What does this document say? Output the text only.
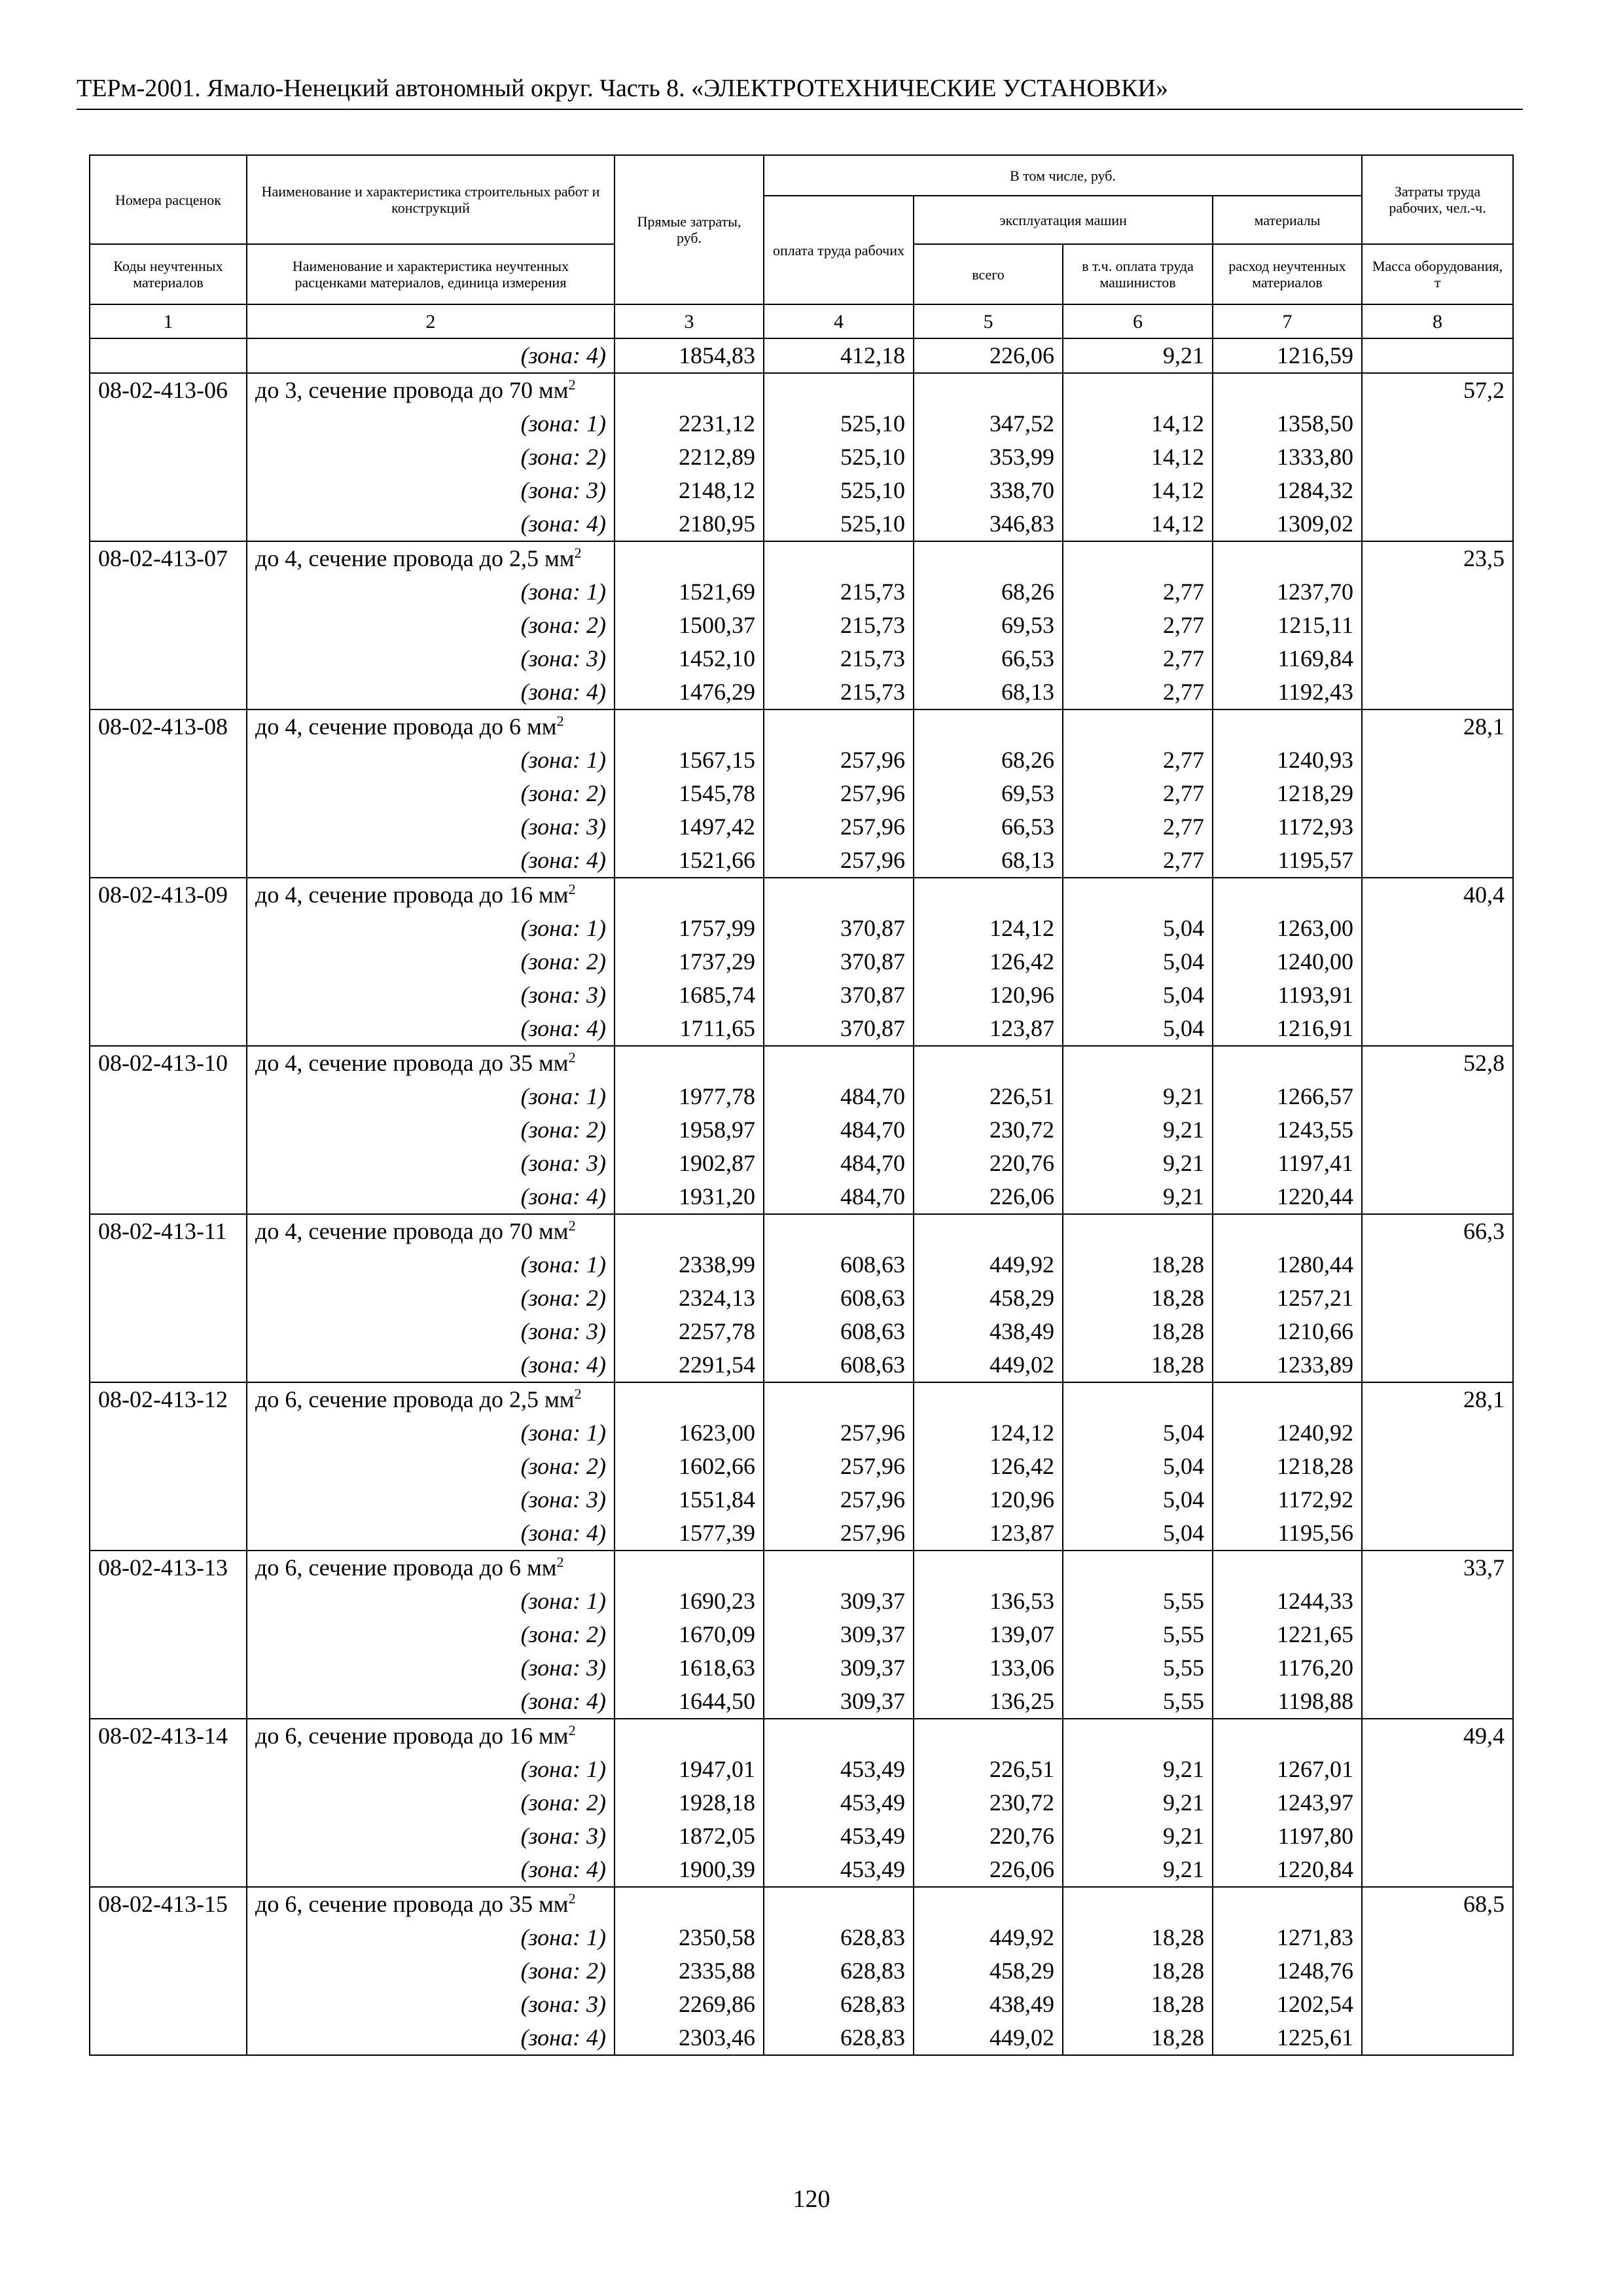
ТЕРм-2001. Ямало-Ненецкий автономный округ. Часть 8. «ЭЛЕКТРОТЕХНИЧЕСКИЕ УСТАНОВКИ»
Номера расценок	Наименование и характеристика строительных работ и конструкций	Прямые затраты, руб.	В том числе, руб.				Затраты труда рабочих, чел.-ч.
			оплата труда рабочих	эксплуатация машин		материалы	
Коды неучтенных материалов	Наименование и характеристика неучтенных расценками материалов, единица измерения			всего	в т.ч. оплата труда машинистов	расход неучтенных материалов	Масса оборудования, т
1	2	3	4	5	6	7	8
	(зона: 4)	1854,83	412,18	226,06	9,21	1216,59	
08-02-413-06	до 3, сечение провода до 70 $мм^2$						57,2
	(зона: 1)	2231,12	525,10	347,52	14,12	1358,50	
	(зона: 2)	2212,89	525,10	353,99	14,12	1333,80	
	(зона: 3)	2148,12	525,10	338,70	14,12	1284,32	
	(зона: 4)	2180,95	525,10	346,83	14,12	1309,02	
08-02-413-07	до 4, сечение провода до 2,5 $мм^2$						23,5
	(зона: 1)	1521,69	215,73	68,26	2,77	1237,70	
	(зона: 2)	1500,37	215,73	69,53	2,77	1215,11	
	(зона: 3)	1452,10	215,73	66,53	2,77	1169,84	
	(зона: 4)	1476,29	215,73	68,13	2,77	1192,43	
08-02-413-08	до 4, сечение провода до 6 $мм^2$						28,1
	(зона: 1)	1567,15	257,96	68,26	2,77	1240,93	
	(зона: 2)	1545,78	257,96	69,53	2,77	1218,29	
	(зона: 3)	1497,42	257,96	66,53	2,77	1172,93	
	(зона: 4)	1521,66	257,96	68,13	2,77	1195,57	
08-02-413-09	до 4, сечение провода до 16 $мм^2$						40,4
	(зона: 1)	1757,99	370,87	124,12	5,04	1263,00	
	(зона: 2)	1737,29	370,87	126,42	5,04	1240,00	
	(зона: 3)	1685,74	370,87	120,96	5,04	1193,91	
	(зона: 4)	1711,65	370,87	123,87	5,04	1216,91	
08-02-413-10	до 4, сечение провода до 35 $мм^2$						52,8
	(зона: 1)	1977,78	484,70	226,51	9,21	1266,57	
	(зона: 2)	1958,97	484,70	230,72	9,21	1243,55	
	(зона: 3)	1902,87	484,70	220,76	9,21	1197,41	
	(зона: 4)	1931,20	484,70	226,06	9,21	1220,44	
08-02-413-11	до 4, сечение провода до 70 $мм^2$						66,3
	(зона: 1)	2338,99	608,63	449,92	18,28	1280,44	
	(зона: 2)	2324,13	608,63	458,29	18,28	1257,21	
	(зона: 3)	2257,78	608,63	438,49	18,28	1210,66	
	(зона: 4)	2291,54	608,63	449,02	18,28	1233,89	
08-02-413-12	до 6, сечение провода до 2,5 $мм^2$						28,1
	(зона: 1)	1623,00	257,96	124,12	5,04	1240,92	
	(зона: 2)	1602,66	257,96	126,42	5,04	1218,28	
	(зона: 3)	1551,84	257,96	120,96	5,04	1172,92	
	(зона: 4)	1577,39	257,96	123,87	5,04	1195,56	
08-02-413-13	до 6, сечение провода до 6 $мм^2$						33,7
	(зона: 1)	1690,23	309,37	136,53	5,55	1244,33	
	(зона: 2)	1670,09	309,37	139,07	5,55	1221,65	
	(зона: 3)	1618,63	309,37	133,06	5,55	1176,20	
	(зона: 4)	1644,50	309,37	136,25	5,55	1198,88	
08-02-413-14	до 6, сечение провода до 16 $мм^2$						49,4
	(зона: 1)	1947,01	453,49	226,51	9,21	1267,01	
	(зона: 2)	1928,18	453,49	230,72	9,21	1243,97	
	(зона: 3)	1872,05	453,49	220,76	9,21	1197,80	
	(зона: 4)	1900,39	453,49	226,06	9,21	1220,84	
08-02-413-15	до 6, сечение провода до 35 $мм^2$						68,5
	(зона: 1)	2350,58	628,83	449,92	18,28	1271,83	
	(зона: 2)	2335,88	628,83	458,29	18,28	1248,76	
	(зона: 3)	2269,86	628,83	438,49	18,28	1202,54	
	(зона: 4)	2303,46	628,83	449,02	18,28	1225,61	
120
